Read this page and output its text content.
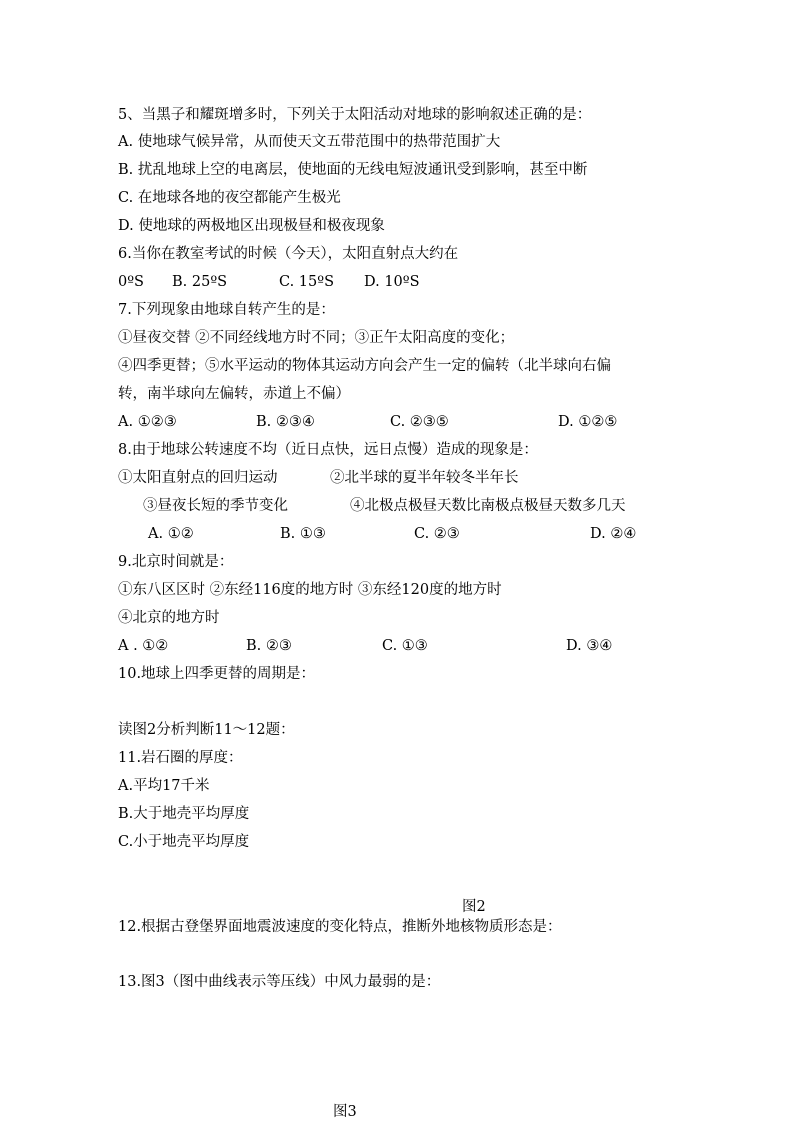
5、当黑子和耀斑增多时，下列关于太阳活动对地球的影响叙述正确的是：
A. 使地球气候异常，从而使天文五带范围中的热带范围扩大
B. 扰乱地球上空的电离层，使地面的无线电短波通讯受到影响，甚至中断
C. 在地球各地的夜空都能产生极光
D. 使地球的两极地区出现极昼和极夜现象
6.当你在教室考试的时候（今天），太阳直射点大约在
0ºS B. 25ºS	C. 15ºS D. 10ºS
7.下列现象由地球自转产生的是：
①昼夜交替 ②不同经线地方时不同；③正午太阳高度的变化；
④四季更替；⑤水平运动的物体其运动方向会产生一定的偏转（北半球向右偏
转，南半球向左偏转，赤道上不偏）
A. ①②③	B. ②③④	C. ②③⑤	D. ①②⑤
8.由于地球公转速度不均（近日点快，远日点慢）造成的现象是：
①太阳直射点的回归运动	②北半球的夏半年较冬半年长
③昼夜长短的季节变化	④北极点极昼天数比南极点极昼天数多几天
A. ①②	B. ①③	C. ②③	D. ②④
9.北京时间就是：
①东八区区时 ②东经116度的地方时 ③东经120度的地方时
④北京的地方时
A . ①②	B. ②③	C. ①③	D. ③④
10.地球上四季更替的周期是：
读图2分析判断11～12题：
11.岩石圈的厚度：
A.平均17千米
B.大于地壳平均厚度
C.小于地壳平均厚度
图2
12.根据古登堡界面地震波速度的变化特点，推断外地核物质形态是：
13.图3（图中曲线表示等压线）中风力最弱的是：
图3
